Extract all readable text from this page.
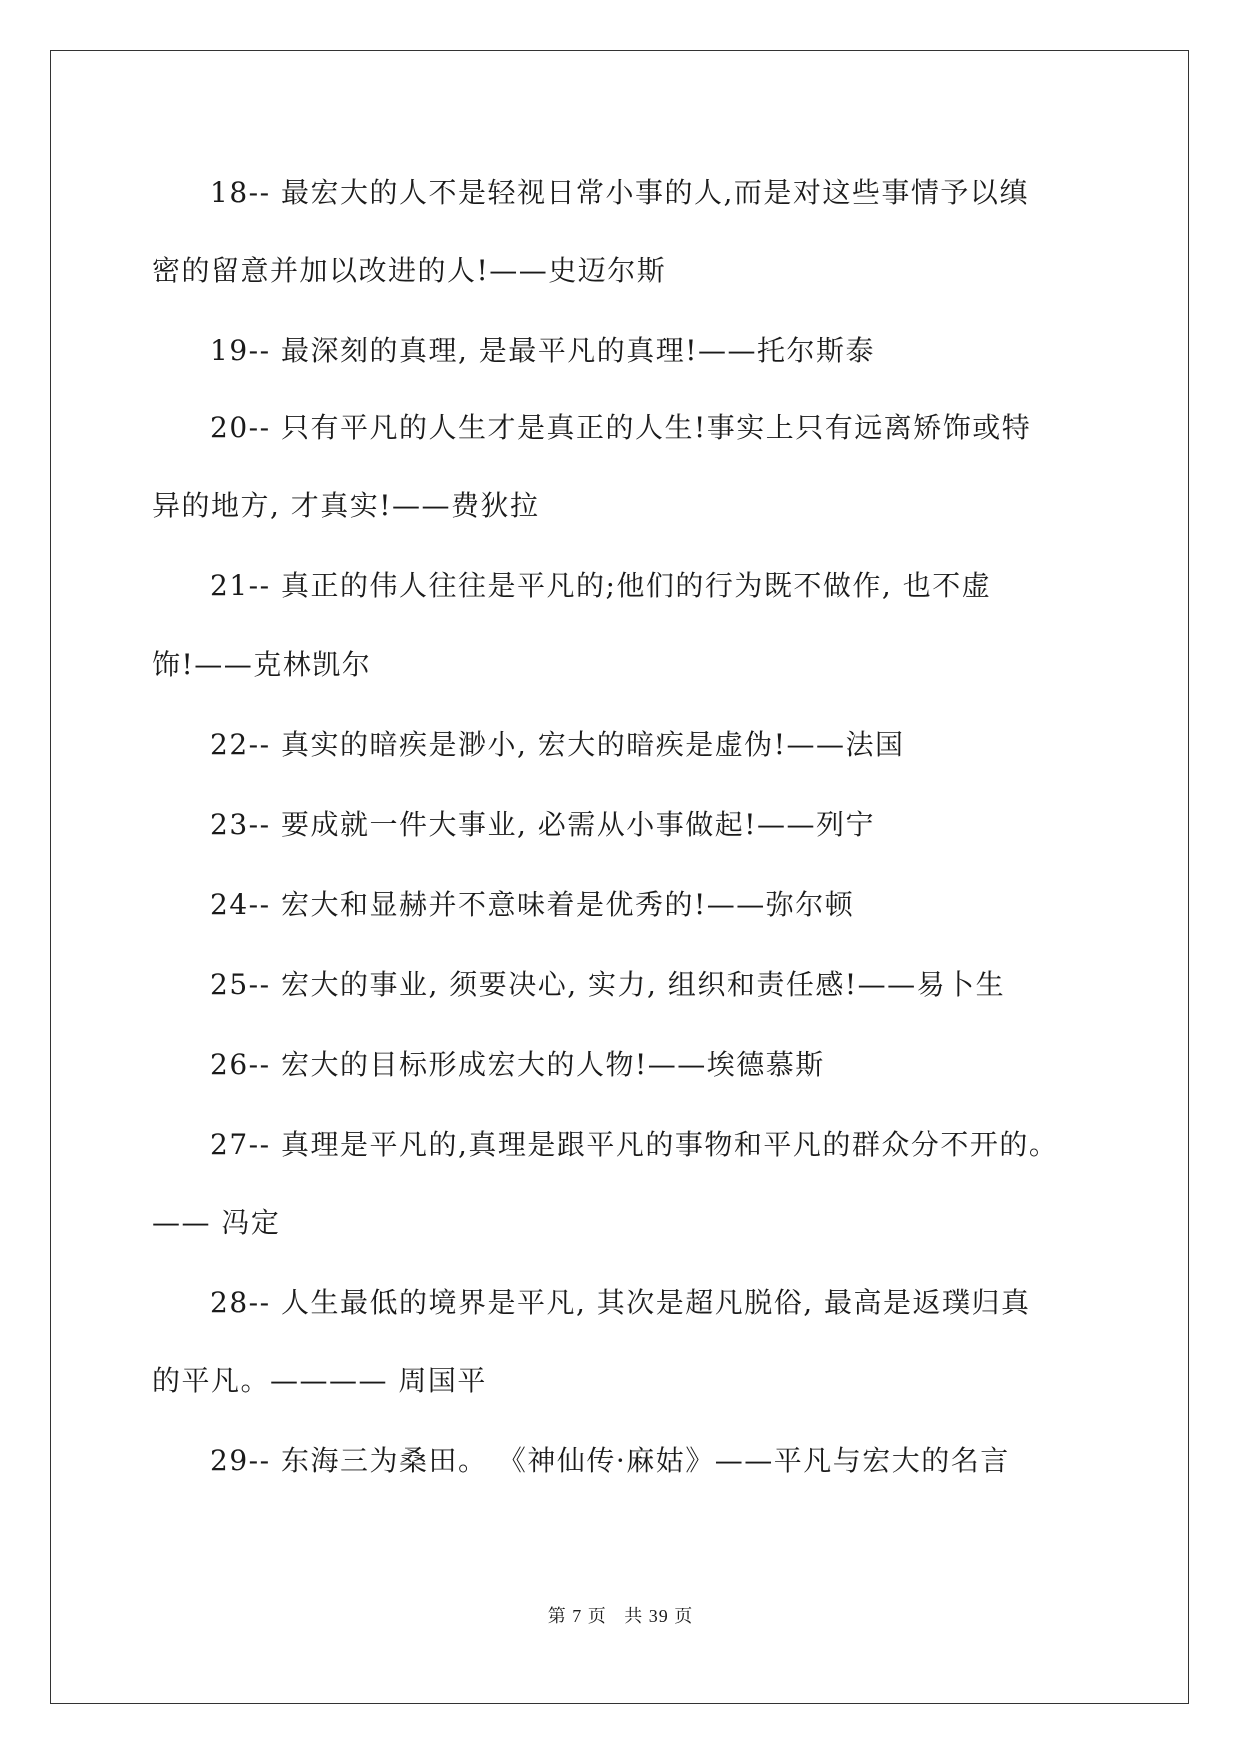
18-- 最宏大的人不是轻视日常小事的人,而是对这些事情予以缜
密的留意并加以改进的人!——史迈尔斯
19-- 最深刻的真理, 是最平凡的真理!——托尔斯泰
20-- 只有平凡的人生才是真正的人生!事实上只有远离矫饰或特
异的地方, 才真实!——费狄拉
21-- 真正的伟人往往是平凡的;他们的行为既不做作, 也不虚
饰!——克林凯尔
22-- 真实的暗疾是渺小, 宏大的暗疾是虚伪!——法国
23-- 要成就一件大事业, 必需从小事做起!——列宁
24-- 宏大和显赫并不意味着是优秀的!——弥尔顿
25-- 宏大的事业, 须要决心, 实力, 组织和责任感!——易卜生
26-- 宏大的目标形成宏大的人物!——埃德慕斯
27-- 真理是平凡的,真理是跟平凡的事物和平凡的群众分不开的。
—— 冯定
28-- 人生最低的境界是平凡, 其次是超凡脱俗, 最高是返璞归真
的平凡。———— 周国平
29-- 东海三为桑田。 《神仙传·麻姑》——平凡与宏大的名言
第 7 页 共 39 页
